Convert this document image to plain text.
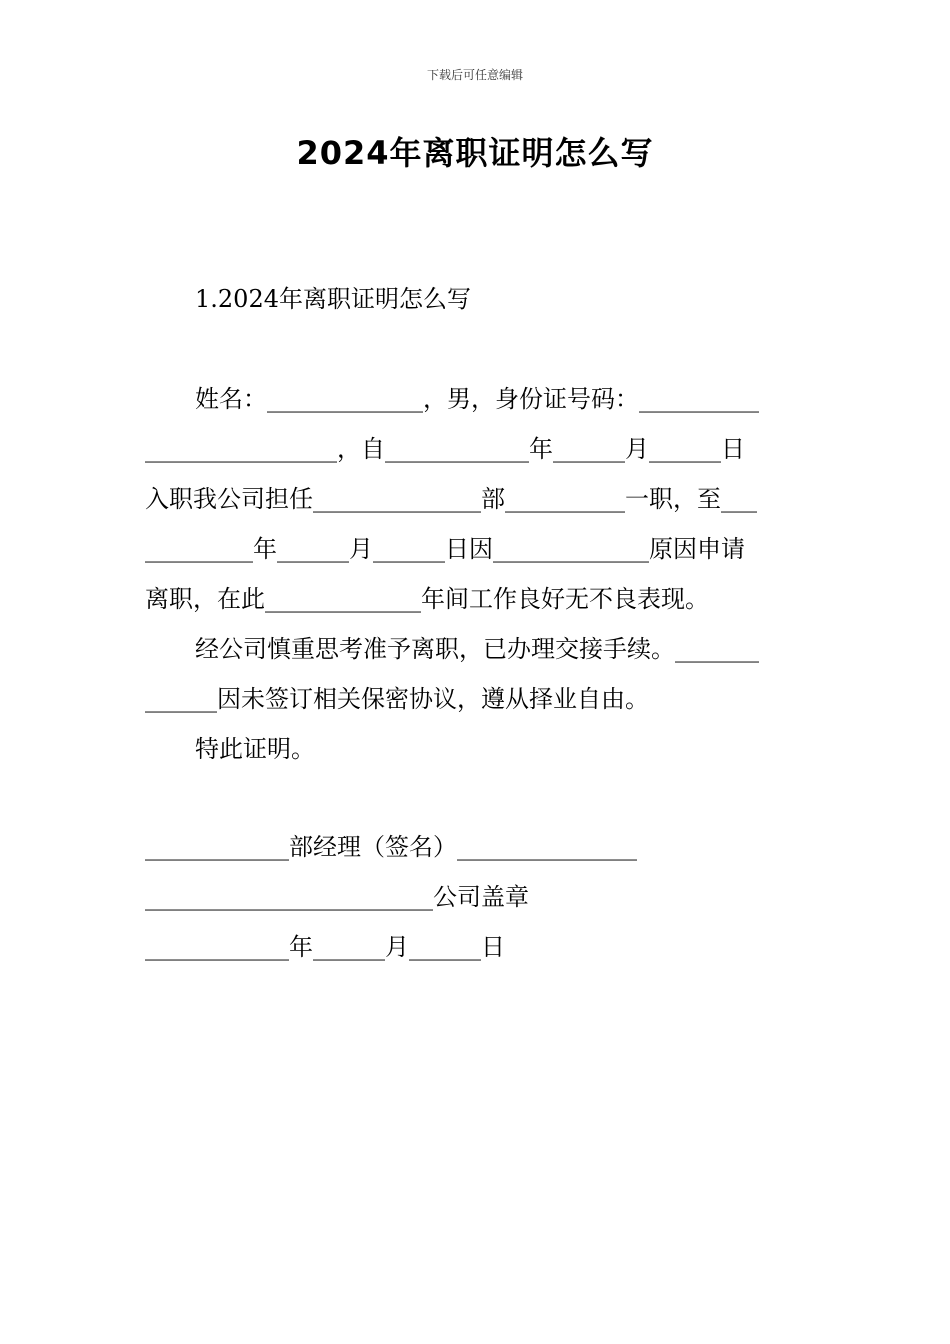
下载后可任意编辑
2024年离职证明怎么写
1.2024年离职证明怎么写
姓名：_____________，男，身份证号码：__________
________________，自____________年______月______日
入职我公司担任______________部__________一职，至___
_________年______月______日因_____________原因申请
离职，在此_____________年间工作良好无不良表现。
经公司慎重思考准予离职，已办理交接手续。_______
______因未签订相关保密协议，遵从择业自由。
特此证明。
____________部经理（签名）_______________
________________________公司盖章
____________年______月______日
